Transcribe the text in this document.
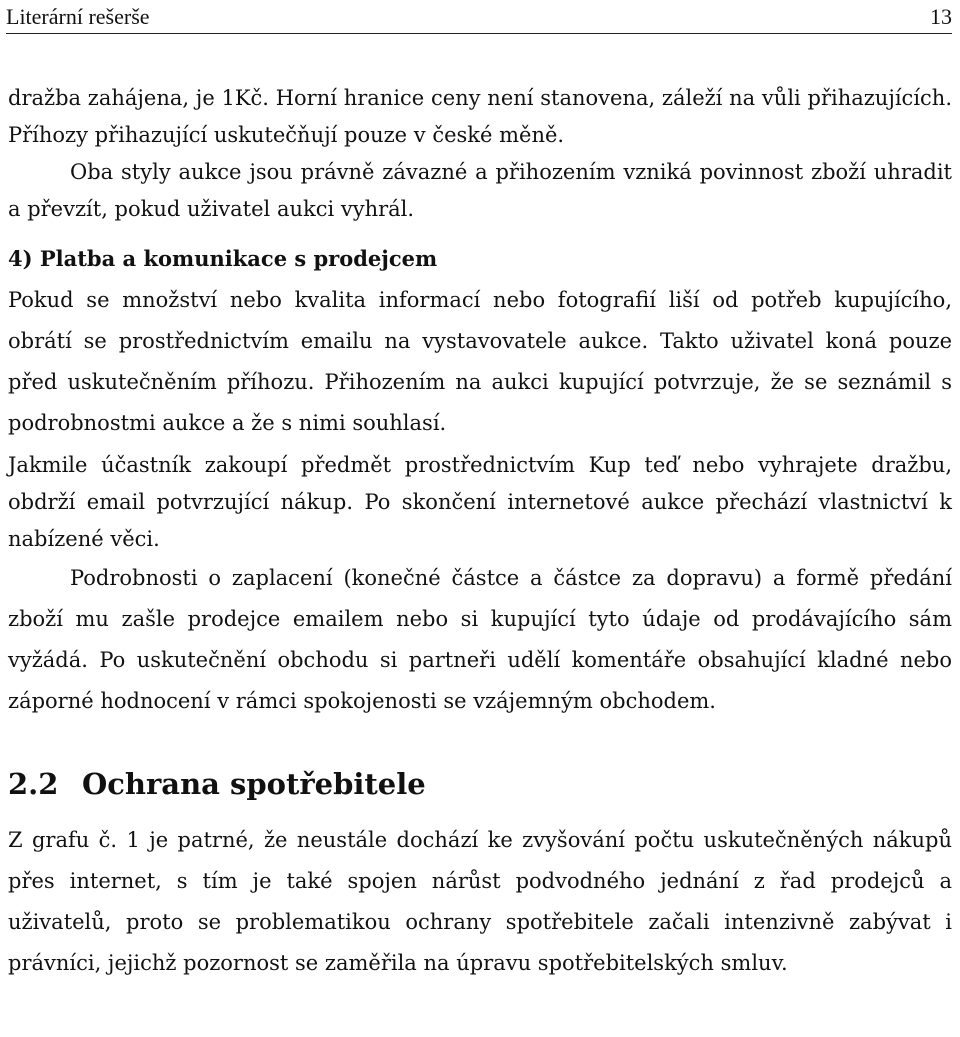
Literární rešerše	13

dražba zahájena, je 1Kč. Horní hranice ceny není stanovena, záleží na vůli přihazujících. Příhozy přihazující uskutečňují pouze v české měně.

Oba styly aukce jsou právně závazné a přihozením vzniká povinnost zboží uhradit a převzít, pokud uživatel aukci vyhrál.

4) Platba a komunikace s prodejcem

Pokud se množství nebo kvalita informací nebo fotografií liší od potřeb kupujícího, obrátí se prostřednictvím emailu na vystavovatele aukce. Takto uživatel koná pouze před uskutečněním příhozu. Přihozením na aukci kupující potvrzuje, že se seznámil s podrobnostmi aukce a že s nimi souhlasí.

Jakmile účastník zakoupí předmět prostřednictvím Kup teď nebo vyhrajete dražbu, obdrží email potvrzující nákup. Po skončení internetové aukce přechází vlastnictví k nabízené věci.

Podrobnosti o zaplacení (konečné částce a částce za dopravu) a formě předání zboží mu zašle prodejce emailem nebo si kupující tyto údaje od prodávajícího sám vyžádá. Po uskutečnění obchodu si partneři udělí komentáře obsahující kladné nebo záporné hodnocení v rámci spokojenosti se vzájemným obchodem.

2.2 Ochrana spotřebitele

Z grafu č. 1 je patrné, že neustále dochází ke zvyšování počtu uskutečněných nákupů přes internet, s tím je také spojen nárůst podvodného jednání z řad prodejců a uživatelů, proto se problematikou ochrany spotřebitele začali intenzivně zabývat i právníci, jejichž pozornost se zaměřila na úpravu spotřebitelských smluv.
